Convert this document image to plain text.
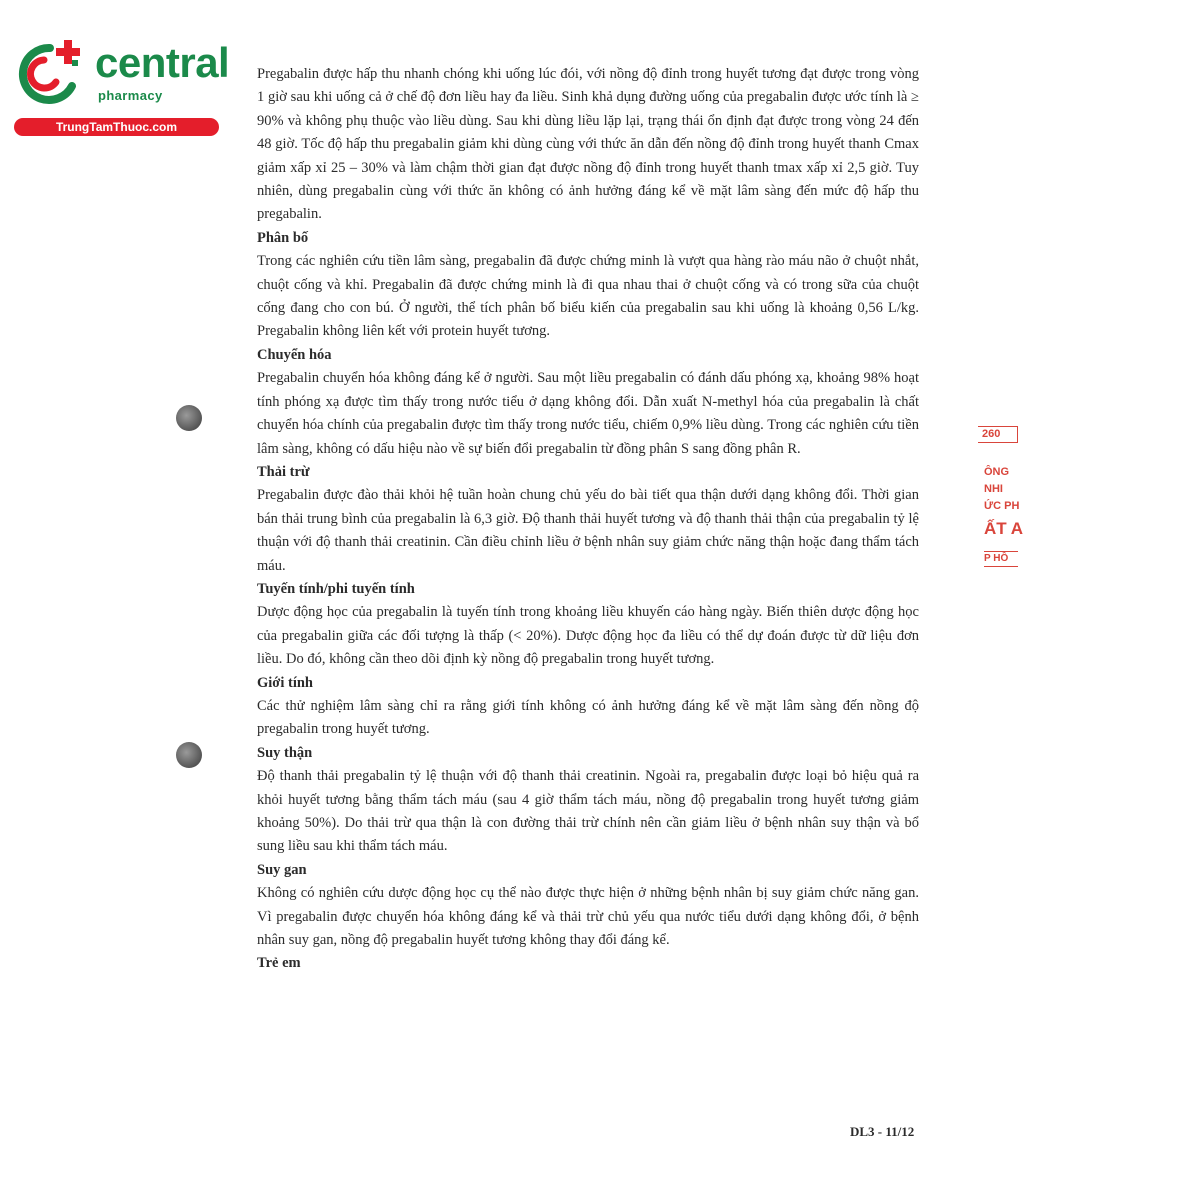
central
pharmacy
TrungTamThuoc.com
260
ÔNG
NHI
ỨC PH
ẤT A
P HỒ

Pregabalin được hấp thu nhanh chóng khi uống lúc đói, với nồng độ đỉnh trong huyết tương đạt được trong vòng 1 giờ sau khi uống cả ở chế độ đơn liều hay đa liều. Sinh khả dụng đường uống của pregabalin được ước tính là ≥ 90% và không phụ thuộc vào liều dùng. Sau khi dùng liều lặp lại, trạng thái ổn định đạt được trong vòng 24 đến 48 giờ. Tốc độ hấp thu pregabalin giảm khi dùng cùng với thức ăn dẫn đến nồng độ đỉnh trong huyết thanh Cmax giảm xấp xỉ 25 – 30% và làm chậm thời gian đạt được nồng độ đỉnh trong huyết thanh tmax xấp xỉ 2,5 giờ. Tuy nhiên, dùng pregabalin cùng với thức ăn không có ảnh hưởng đáng kể về mặt lâm sàng đến mức độ hấp thu pregabalin.

Phân bố

Trong các nghiên cứu tiền lâm sàng, pregabalin đã được chứng minh là vượt qua hàng rào máu não ở chuột nhắt, chuột cống và khỉ. Pregabalin đã được chứng minh là đi qua nhau thai ở chuột cống và có trong sữa của chuột cống đang cho con bú. Ở người, thể tích phân bố biểu kiến của pregabalin sau khi uống là khoảng 0,56 L/kg. Pregabalin không liên kết với protein huyết tương.

Chuyển hóa

Pregabalin chuyển hóa không đáng kể ở người. Sau một liều pregabalin có đánh dấu phóng xạ, khoảng 98% hoạt tính phóng xạ được tìm thấy trong nước tiểu ở dạng không đổi. Dẫn xuất N-methyl hóa của pregabalin là chất chuyển hóa chính của pregabalin được tìm thấy trong nước tiểu, chiếm 0,9% liều dùng. Trong các nghiên cứu tiền lâm sàng, không có dấu hiệu nào về sự biến đổi pregabalin từ đồng phân S sang đồng phân R.

Thải trừ

Pregabalin được đào thải khỏi hệ tuần hoàn chung chủ yếu do bài tiết qua thận dưới dạng không đổi. Thời gian bán thải trung bình của pregabalin là 6,3 giờ. Độ thanh thải huyết tương và độ thanh thải thận của pregabalin tỷ lệ thuận với độ thanh thải creatinin. Cần điều chỉnh liều ở bệnh nhân suy giảm chức năng thận hoặc đang thẩm tách máu.

Tuyến tính/phi tuyến tính

Dược động học của pregabalin là tuyến tính trong khoảng liều khuyến cáo hàng ngày. Biến thiên dược động học của pregabalin giữa các đối tượng là thấp (< 20%). Dược động học đa liều có thể dự đoán được từ dữ liệu đơn liều. Do đó, không cần theo dõi định kỳ nồng độ pregabalin trong huyết tương.

Giới tính

Các thử nghiệm lâm sàng chỉ ra rằng giới tính không có ảnh hưởng đáng kể về mặt lâm sàng đến nồng độ pregabalin trong huyết tương.

Suy thận

Độ thanh thải pregabalin tỷ lệ thuận với độ thanh thải creatinin. Ngoài ra, pregabalin được loại bỏ hiệu quả ra khỏi huyết tương bằng thẩm tách máu (sau 4 giờ thẩm tách máu, nồng độ pregabalin trong huyết tương giảm khoảng 50%). Do thải trừ qua thận là con đường thải trừ chính nên cần giảm liều ở bệnh nhân suy thận và bổ sung liều sau khi thẩm tách máu.

Suy gan

Không có nghiên cứu dược động học cụ thể nào được thực hiện ở những bệnh nhân bị suy giảm chức năng gan. Vì pregabalin được chuyển hóa không đáng kể và thải trừ chủ yếu qua nước tiểu dưới dạng không đổi, ở bệnh nhân suy gan, nồng độ pregabalin huyết tương không thay đổi đáng kể.

Trẻ em

DL3 - 11/12
